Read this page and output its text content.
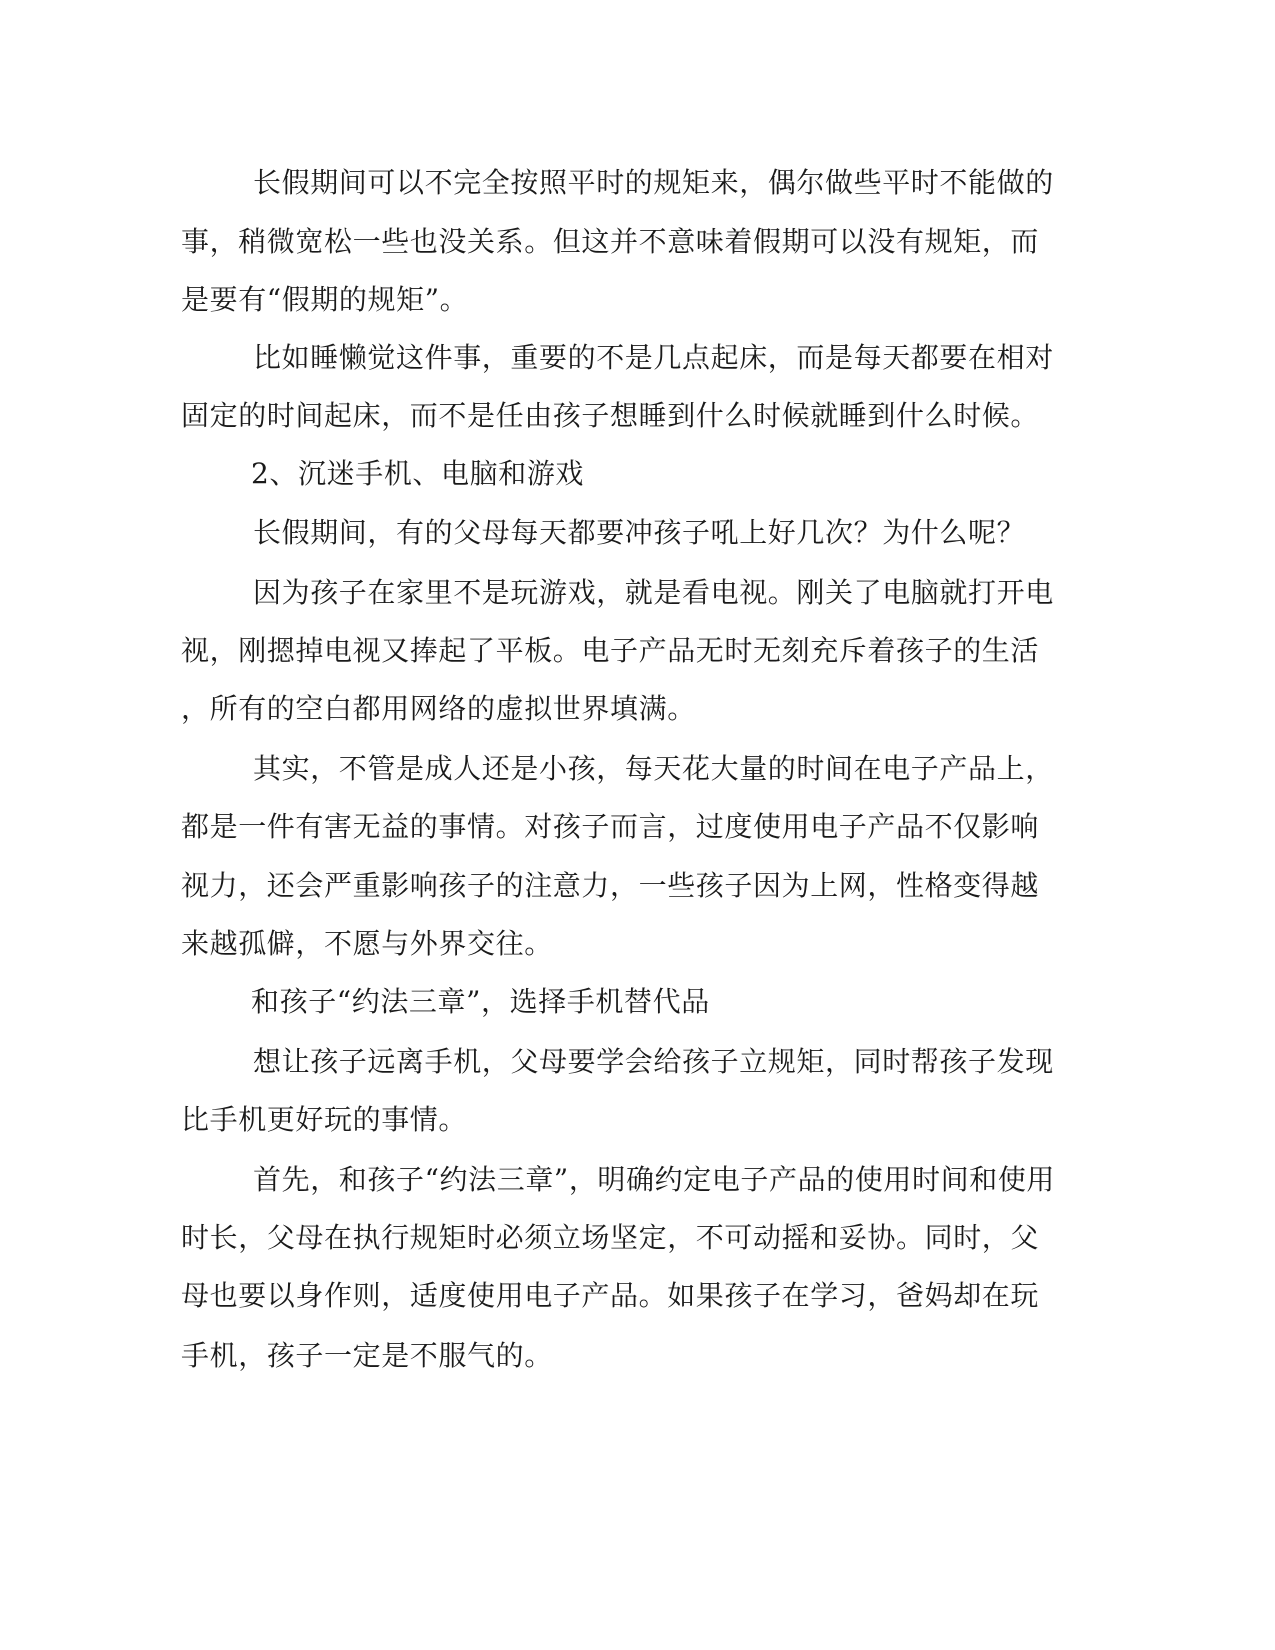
长假期间可以不完全按照平时的规矩来，偶尔做些平时不能做的
事，稍微宽松一些也没关系。但这并不意味着假期可以没有规矩，而
是要有“假期的规矩”。
比如睡懒觉这件事，重要的不是几点起床，而是每天都要在相对
固定的时间起床，而不是任由孩子想睡到什么时候就睡到什么时候。
2、沉迷手机、电脑和游戏
长假期间，有的父母每天都要冲孩子吼上好几次？为什么呢？
因为孩子在家里不是玩游戏，就是看电视。刚关了电脑就打开电
视，刚摁掉电视又捧起了平板。电子产品无时无刻充斥着孩子的生活
，所有的空白都用网络的虚拟世界填满。
其实，不管是成人还是小孩，每天花大量的时间在电子产品上，
都是一件有害无益的事情。对孩子而言，过度使用电子产品不仅影响
视力，还会严重影响孩子的注意力，一些孩子因为上网，性格变得越
来越孤僻，不愿与外界交往。
和孩子“约法三章”，选择手机替代品
想让孩子远离手机，父母要学会给孩子立规矩，同时帮孩子发现
比手机更好玩的事情。
首先，和孩子“约法三章”，明确约定电子产品的使用时间和使用
时长，父母在执行规矩时必须立场坚定，不可动摇和妥协。同时，父
母也要以身作则，适度使用电子产品。如果孩子在学习，爸妈却在玩
手机，孩子一定是不服气的。
